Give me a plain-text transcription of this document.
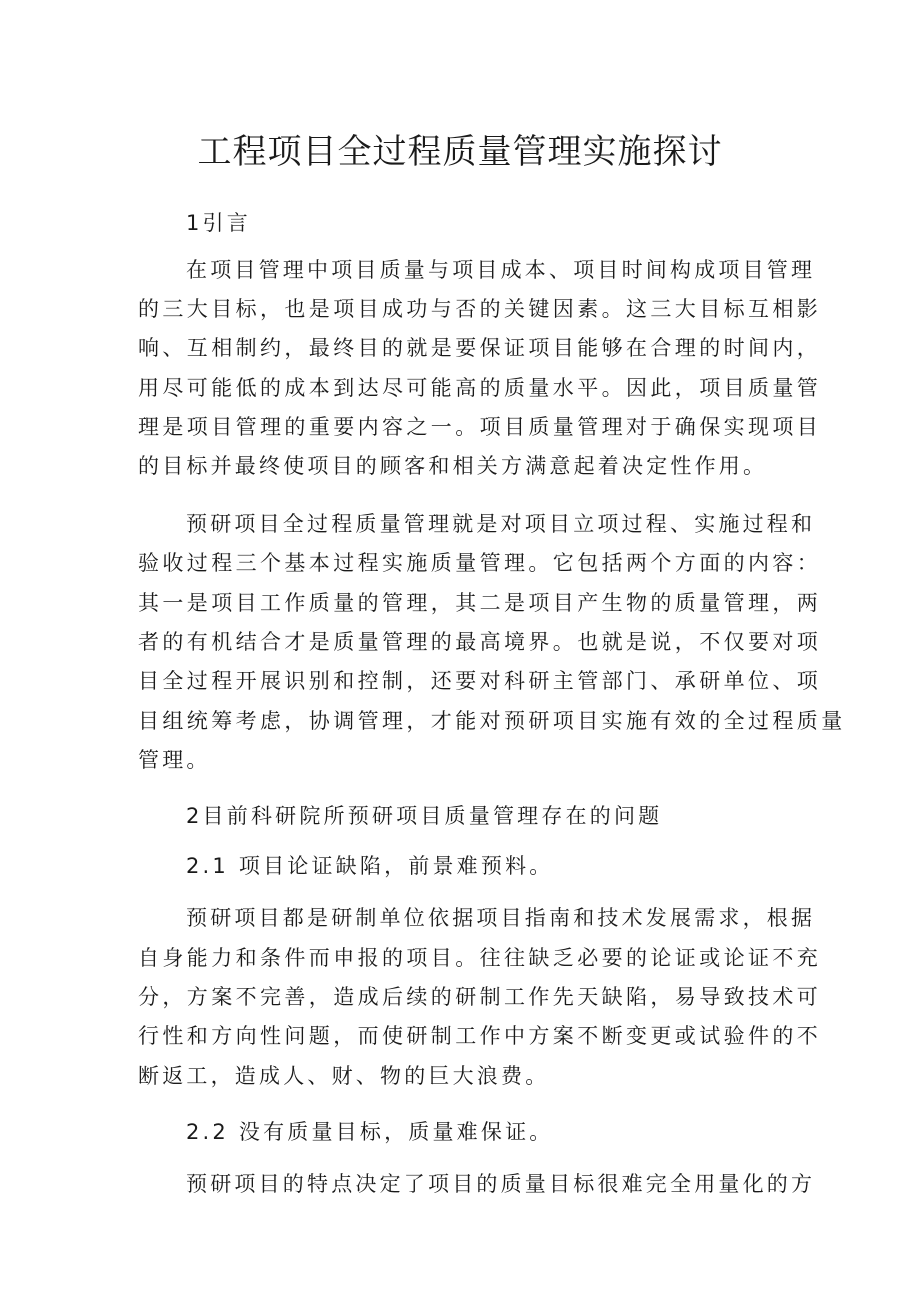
工程项目全过程质量管理实施探讨
1引言
在项目管理中项目质量与项目成本、项目时间构成项目管理
的三大目标，也是项目成功与否的关键因素。这三大目标互相影
响、互相制约，最终目的就是要保证项目能够在合理的时间内，
用尽可能低的成本到达尽可能高的质量水平。因此，项目质量管
理是项目管理的重要内容之一。项目质量管理对于确保实现项目
的目标并最终使项目的顾客和相关方满意起着决定性作用。
预研项目全过程质量管理就是对项目立项过程、实施过程和
验收过程三个基本过程实施质量管理。它包括两个方面的内容：
其一是项目工作质量的管理，其二是项目产生物的质量管理，两
者的有机结合才是质量管理的最高境界。也就是说，不仅要对项
目全过程开展识别和控制，还要对科研主管部门、承研单位、项
目组统筹考虑，协调管理，才能对预研项目实施有效的全过程质量
管理。
2目前科研院所预研项目质量管理存在的问题
2.1 项目论证缺陷，前景难预料。
预研项目都是研制单位依据项目指南和技术发展需求，根据
自身能力和条件而申报的项目。往往缺乏必要的论证或论证不充
分，方案不完善，造成后续的研制工作先天缺陷，易导致技术可
行性和方向性问题，而使研制工作中方案不断变更或试验件的不
断返工，造成人、财、物的巨大浪费。
2.2 没有质量目标，质量难保证。
预研项目的特点决定了项目的质量目标很难完全用量化的方
